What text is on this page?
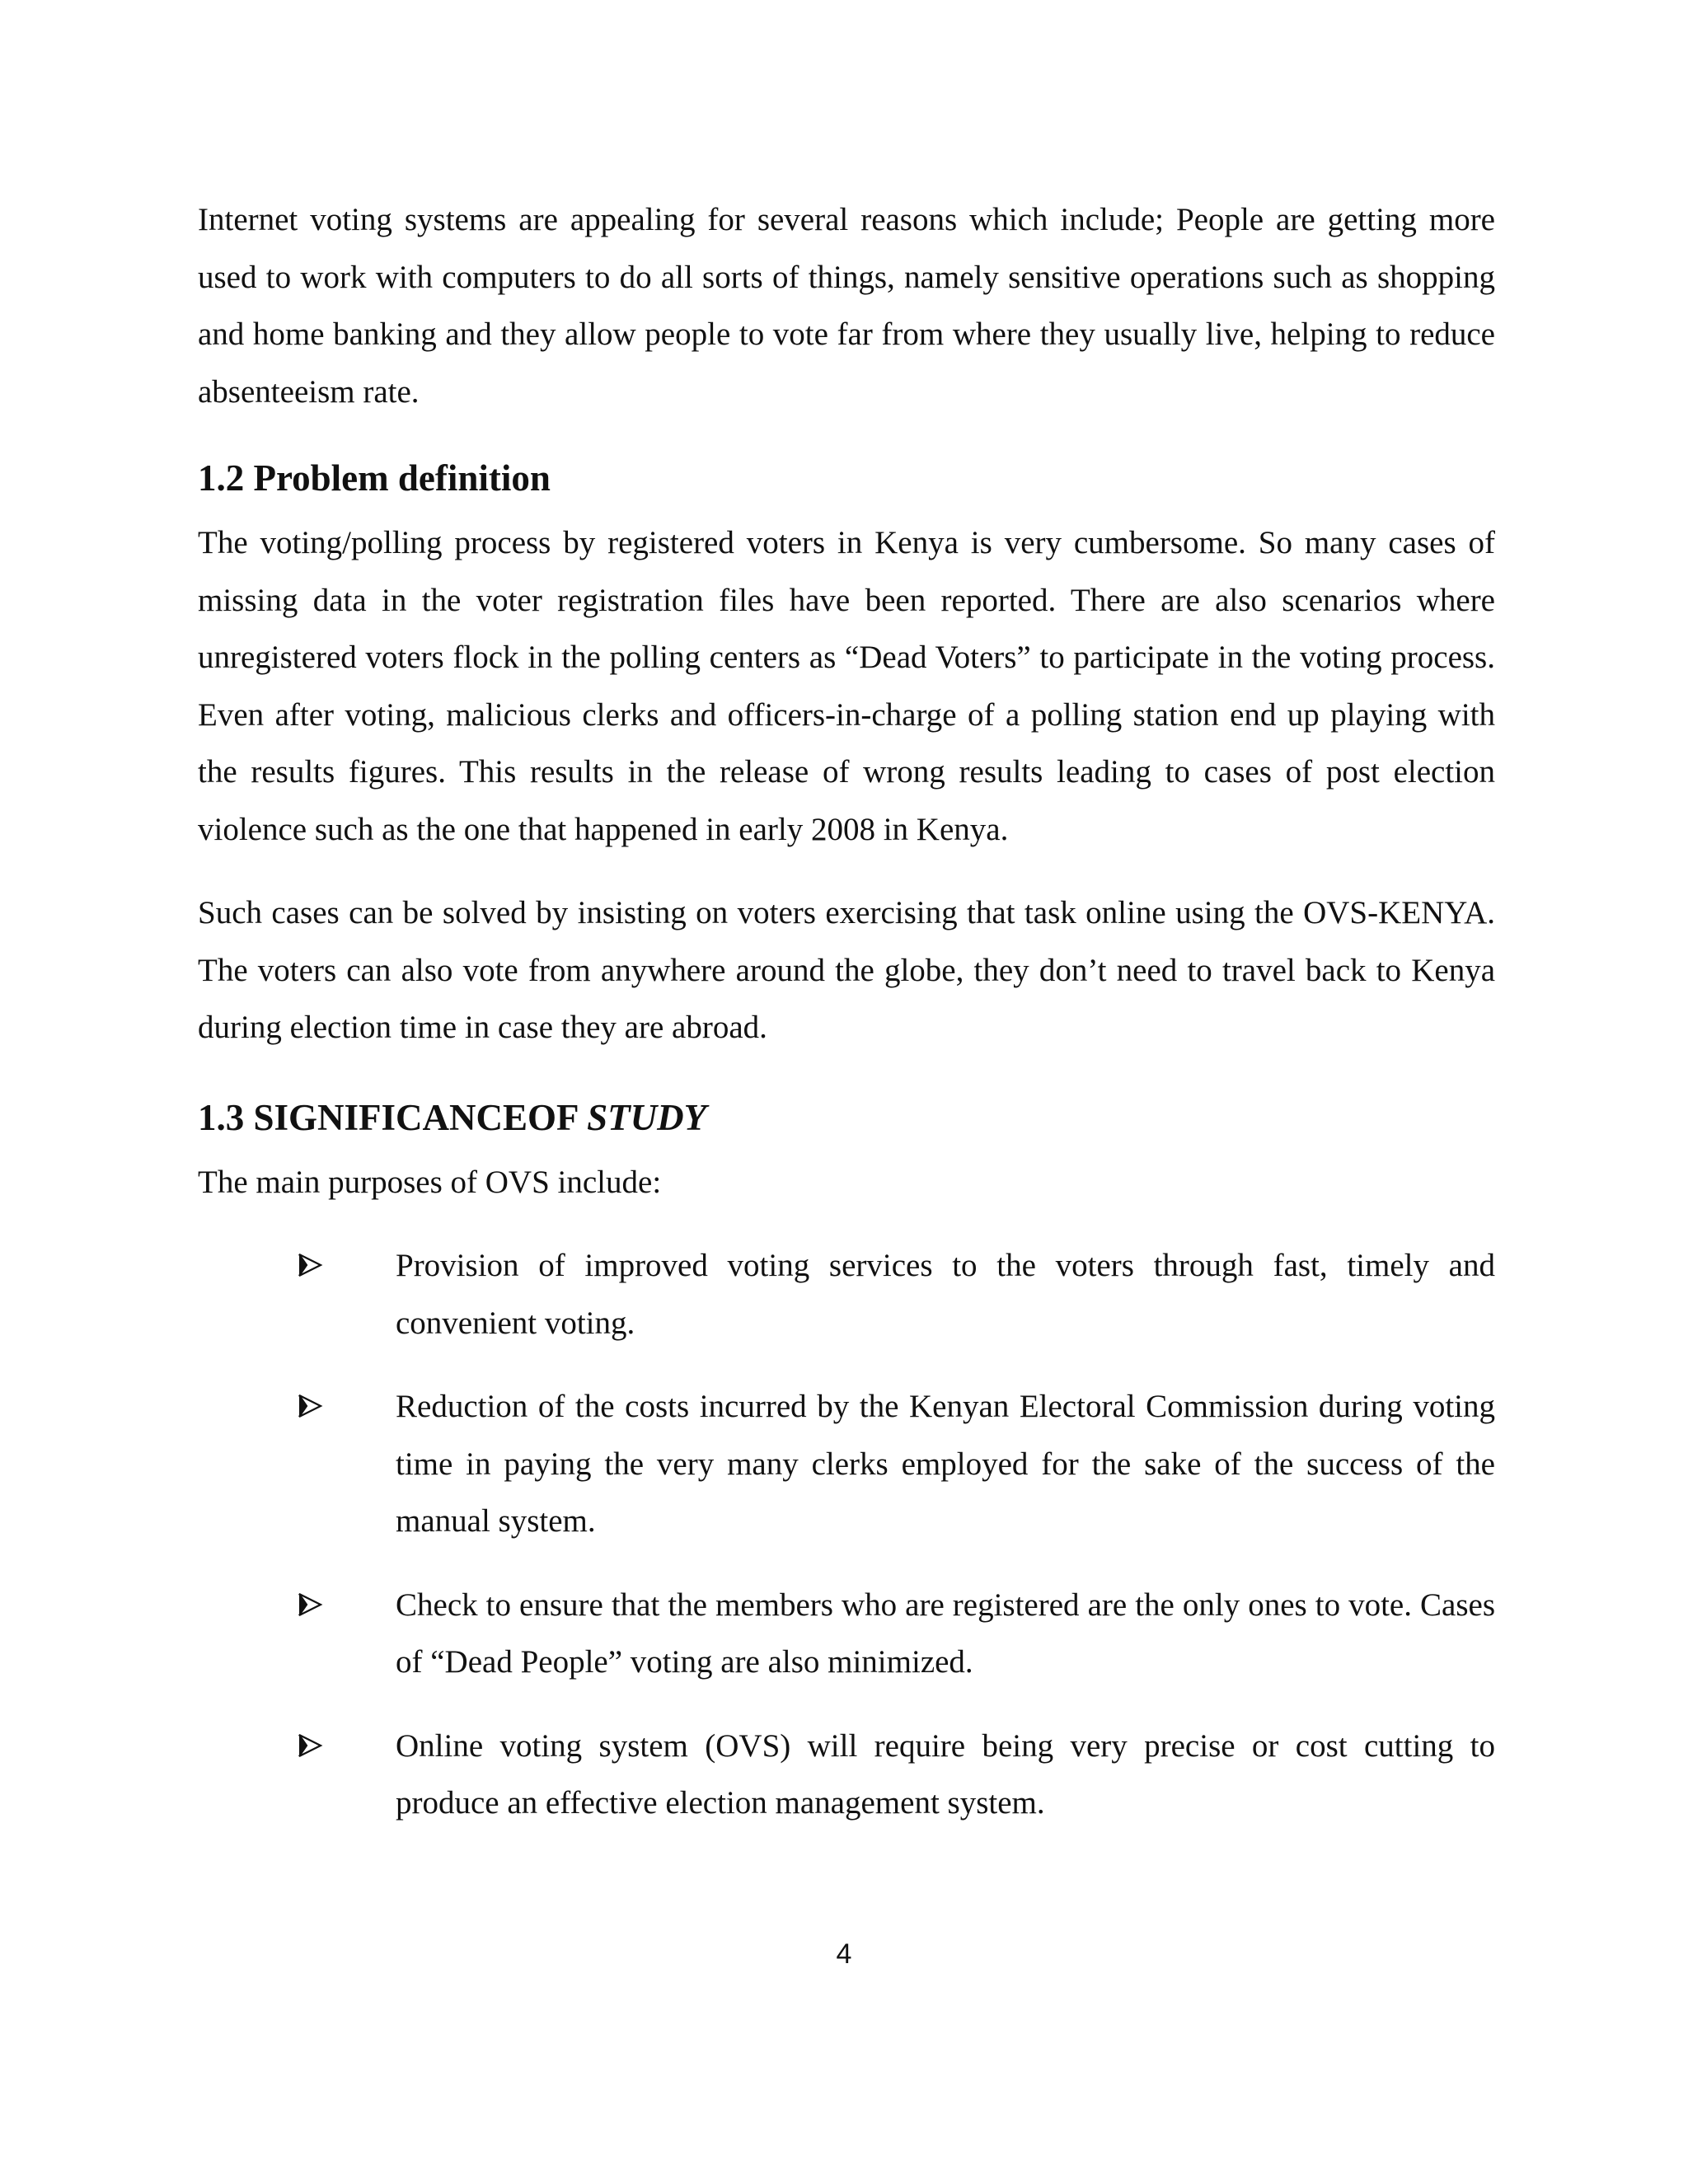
Internet voting systems are appealing for several reasons which include; People are getting more used to work with computers to do all sorts of things, namely sensitive operations such as shopping and home banking and they allow people to vote far from where they usually live, helping to reduce absenteeism rate.

1.2 Problem definition

The voting/polling process by registered voters in Kenya is very cumbersome. So many cases of missing data in the voter registration files have been reported. There are also scenarios where unregistered voters flock in the polling centers as “Dead Voters” to participate in the voting process. Even after voting, malicious clerks and officers-in-charge of a polling station end up playing with the results figures. This results in the release of wrong results leading to cases of post election violence such as the one that happened in early 2008 in Kenya.

Such cases can be solved by insisting on voters exercising that task online using the OVS-KENYA. The voters can also vote from anywhere around the globe, they don’t need to travel back to Kenya during election time in case they are abroad.

1.3 SIGNIFICANCEOF STUDY

The main purposes of OVS include:

Provision of improved voting services to the voters through fast, timely and convenient voting.
Reduction of the costs incurred by the Kenyan Electoral Commission during voting time in paying the very many clerks employed for the sake of the success of the manual system.
Check to ensure that the members who are registered are the only ones to vote. Cases of “Dead People” voting are also minimized.
Online voting system (OVS) will require being very precise or cost cutting to produce an effective election management system.
4
